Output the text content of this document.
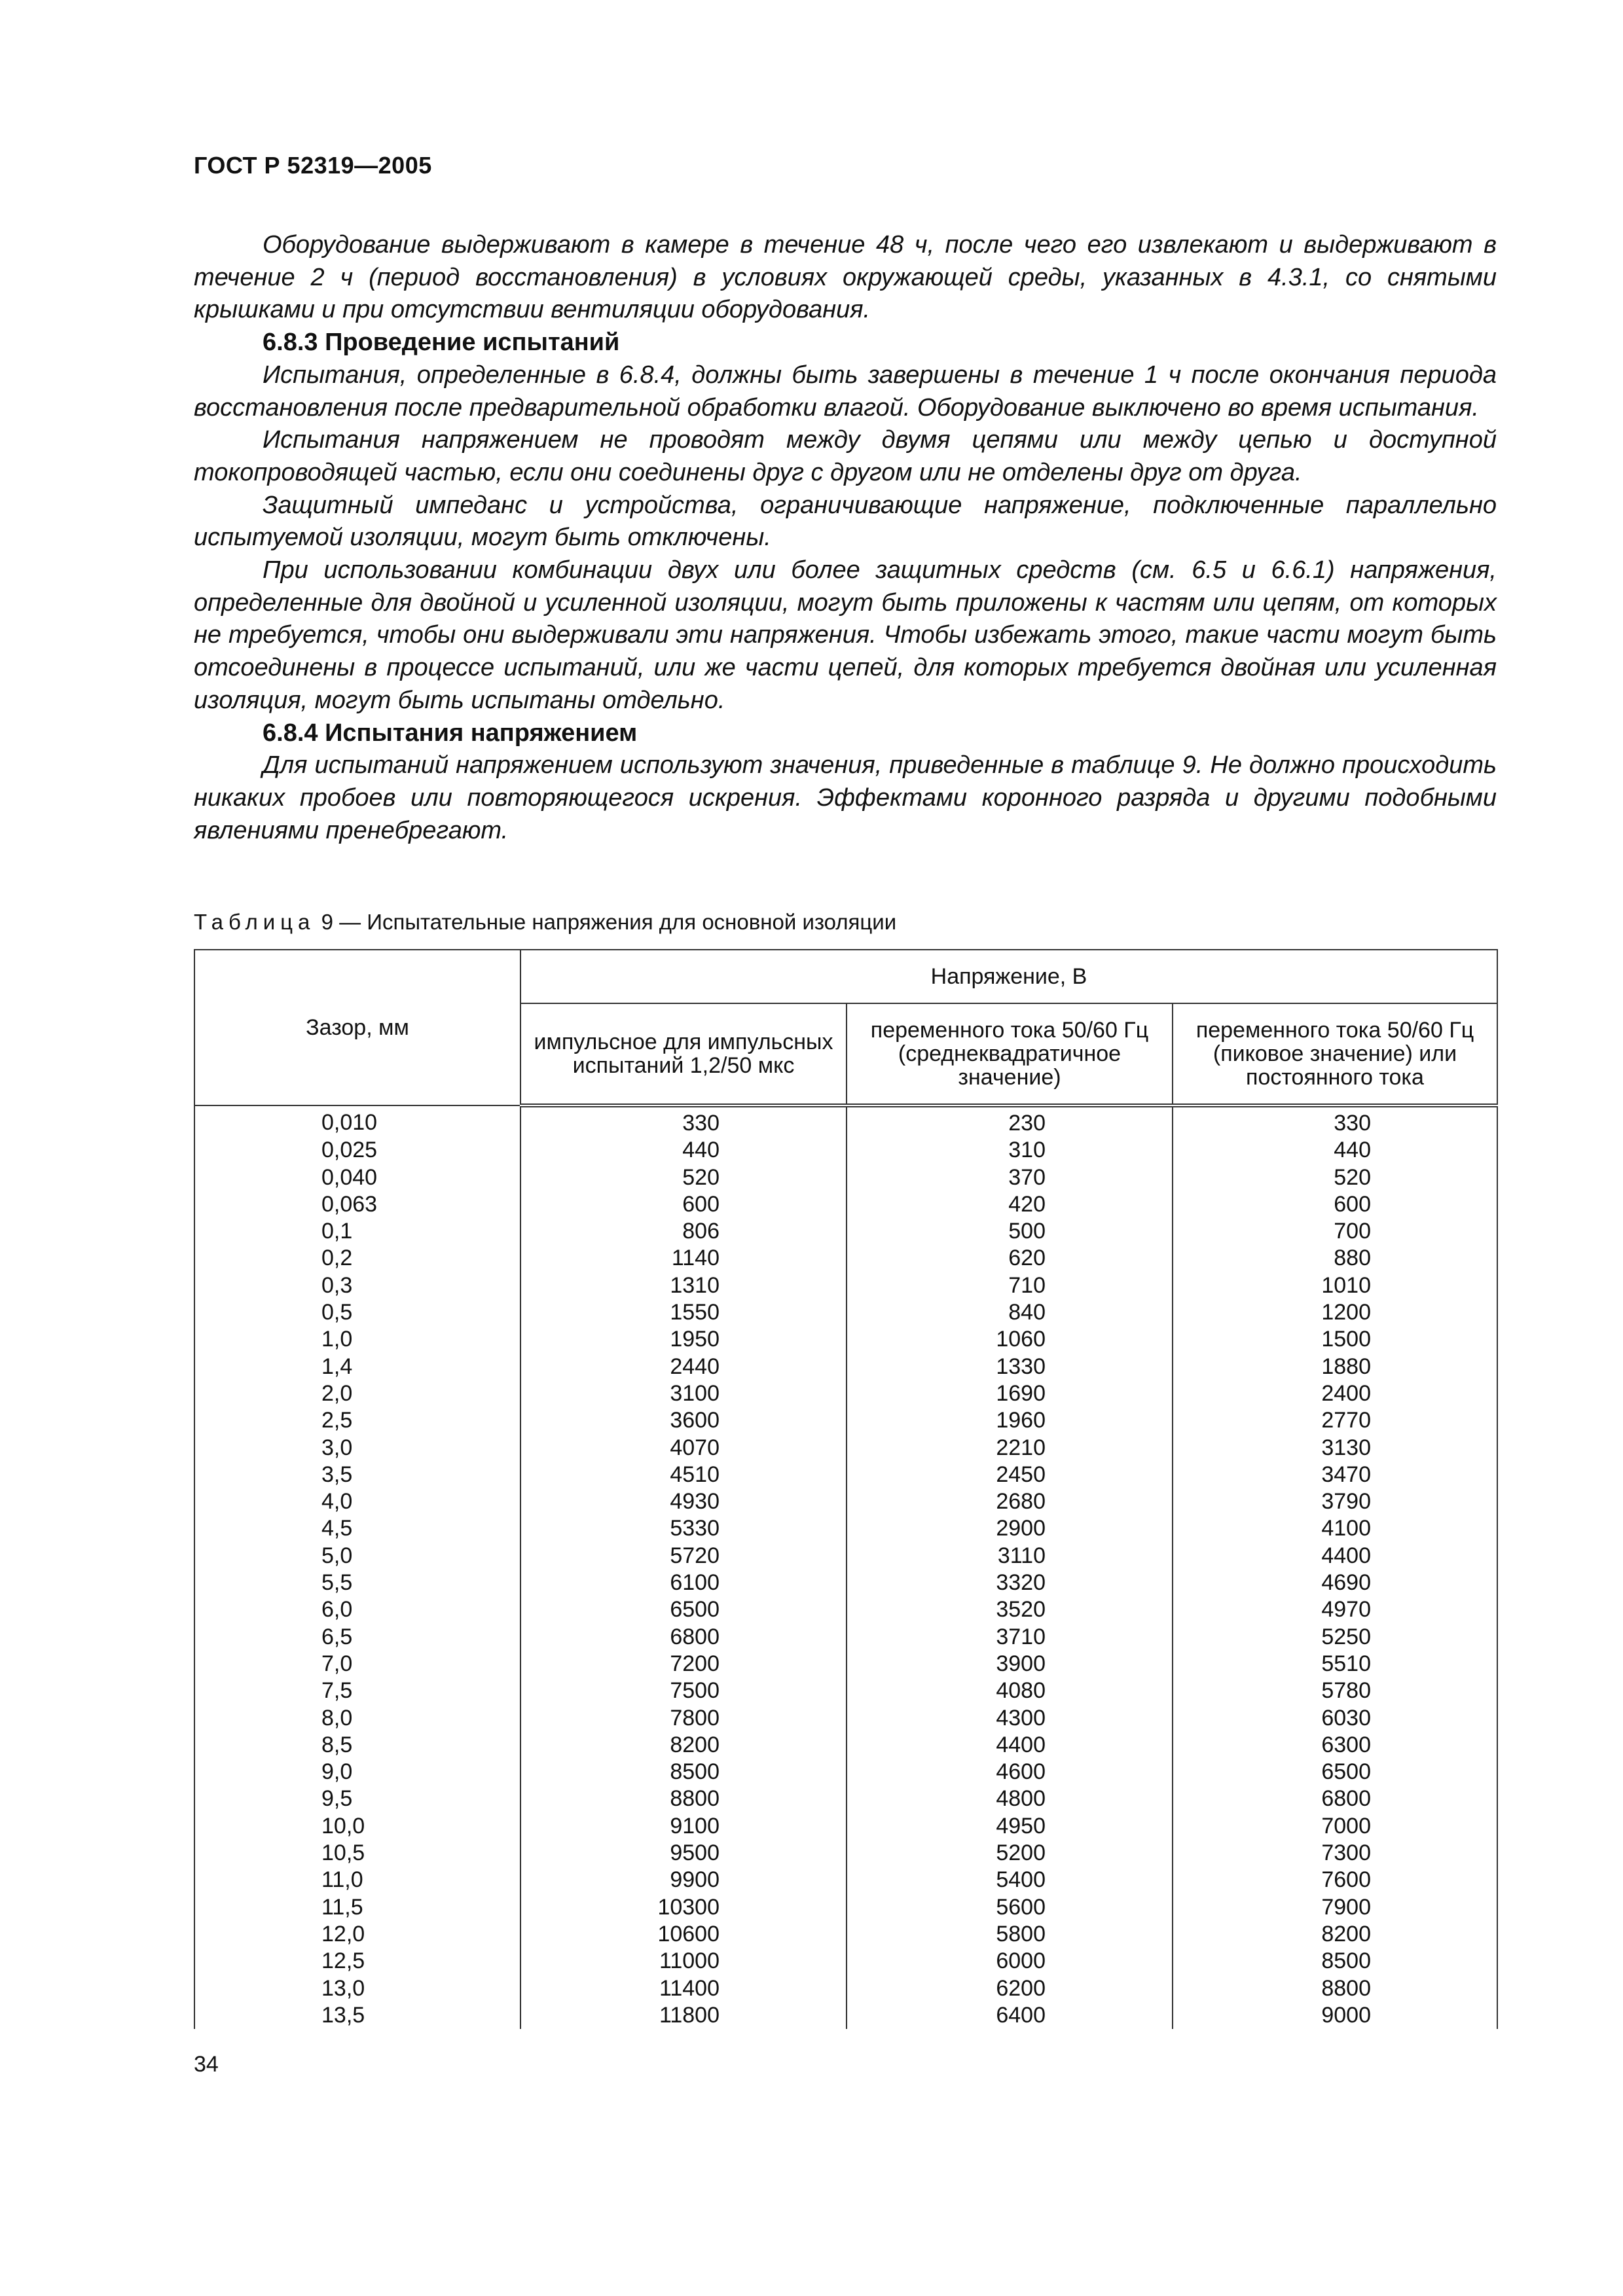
ГОСТ Р 52319—2005

Оборудование выдерживают в камере в течение 48 ч, после чего его извлекают и выдерживают в течение 2 ч (период восстановления) в условиях окружающей среды, указанных в 4.3.1, со снятыми крышками и при отсутствии вентиляции оборудования.

6.8.3 Проведение испытаний

Испытания, определенные в 6.8.4, должны быть завершены в течение 1 ч после окончания периода восстановления после предварительной обработки влагой. Оборудование выключено во время испытания.

Испытания напряжением не проводят между двумя цепями или между цепью и доступной токопроводящей частью, если они соединены друг с другом или не отделены друг от друга.

Защитный импеданс и устройства, ограничивающие напряжение, подключенные параллельно испытуемой изоляции, могут быть отключены.

При использовании комбинации двух или более защитных средств (см. 6.5 и 6.6.1) напряжения, определенные для двойной и усиленной изоляции, могут быть приложены к частям или цепям, от которых не требуется, чтобы они выдерживали эти напряжения. Чтобы избежать этого, такие части могут быть отсоединены в процессе испытаний, или же части цепей, для которых требуется двойная или усиленная изоляция, могут быть испытаны отдельно.

6.8.4 Испытания напряжением

Для испытаний напряжением используют значения, приведенные в таблице 9. Не должно происходить никаких пробоев или повторяющегося искрения. Эффектами коронного разряда и другими подобными явлениями пренебрегают.

Таблица 9 — Испытательные напряжения для основной изоляции
Зазор, мм	Напряжение, В		
	импульсное для импульсных испытаний 1,2/50 мкс	переменного тока 50/60 Гц (среднеквадратичное значение)	переменного тока 50/60 Гц (пиковое значение) или постоянного тока
0,010	330	230	330
0,025	440	310	440
0,040	520	370	520
0,063	600	420	600
0,1	806	500	700
0,2	1140	620	880
0,3	1310	710	1010
0,5	1550	840	1200
1,0	1950	1060	1500
1,4	2440	1330	1880
2,0	3100	1690	2400
2,5	3600	1960	2770
3,0	4070	2210	3130
3,5	4510	2450	3470
4,0	4930	2680	3790
4,5	5330	2900	4100
5,0	5720	3110	4400
5,5	6100	3320	4690
6,0	6500	3520	4970
6,5	6800	3710	5250
7,0	7200	3900	5510
7,5	7500	4080	5780
8,0	7800	4300	6030
8,5	8200	4400	6300
9,0	8500	4600	6500
9,5	8800	4800	6800
10,0	9100	4950	7000
10,5	9500	5200	7300
11,0	9900	5400	7600
11,5	10300	5600	7900
12,0	10600	5800	8200
12,5	11000	6000	8500
13,0	11400	6200	8800
13,5	11800	6400	9000
34
